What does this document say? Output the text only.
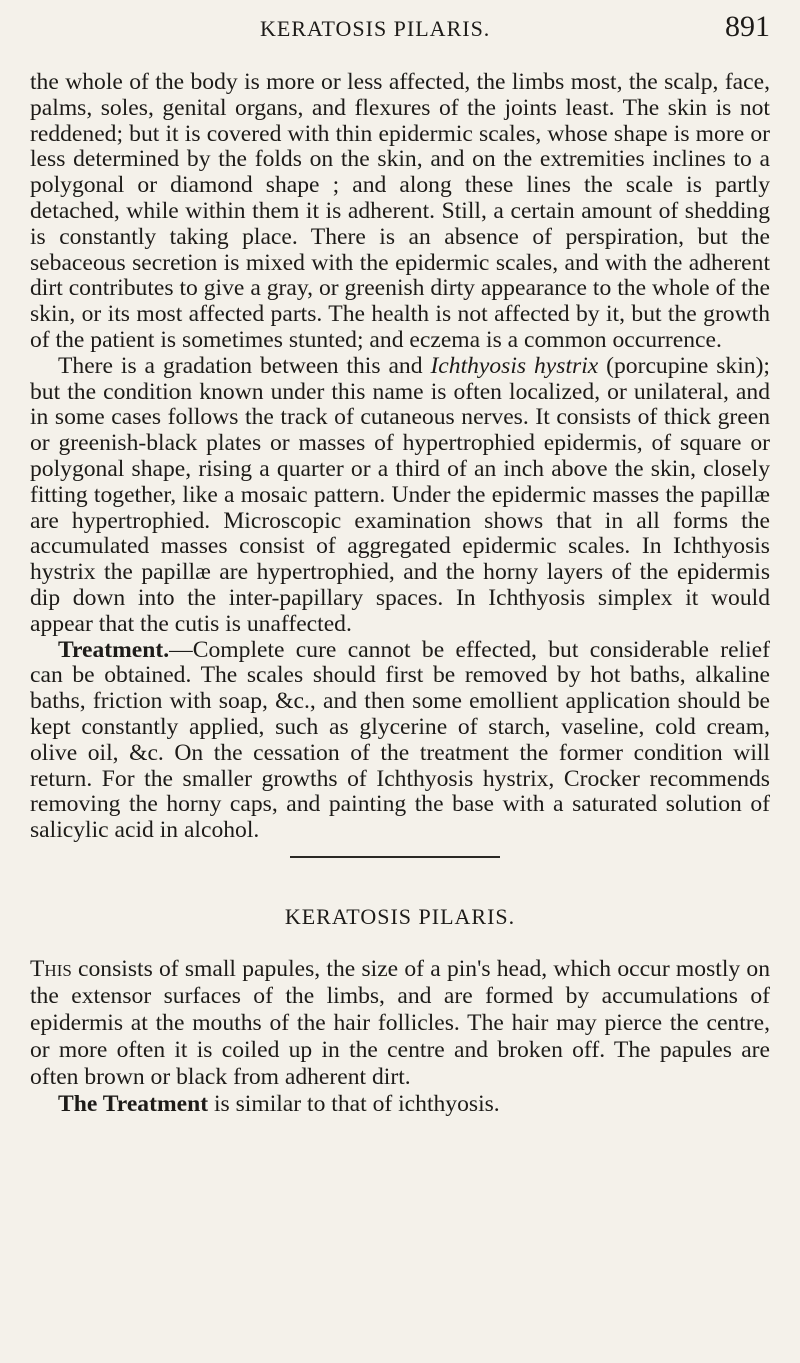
KERATOSIS PILARIS.	891

the whole of the body is more or less affected, the limbs most, the scalp, face, palms, soles, genital organs, and flexures of the joints least. The skin is not reddened; but it is covered with thin epidermic scales, whose shape is more or less determined by the folds on the skin, and on the extremities inclines to a polygonal or diamond shape ; and along these lines the scale is partly detached, while within them it is adherent. Still, a certain amount of shedding is constantly taking place. There is an absence of perspiration, but the sebaceous secretion is mixed with the epidermic scales, and with the adherent dirt contributes to give a gray, or greenish dirty appearance to the whole of the skin, or its most affected parts. The health is not affected by it, but the growth of the patient is sometimes stunted; and eczema is a common occurrence.

There is a gradation between this and Ichthyosis hystrix (porcupine skin); but the condition known under this name is often localized, or unilateral, and in some cases follows the track of cutaneous nerves. It consists of thick green or greenish-black plates or masses of hypertrophied epidermis, of square or polygonal shape, rising a quarter or a third of an inch above the skin, closely fitting together, like a mosaic pattern. Under the epidermic masses the papillæ are hypertrophied. Microscopic examination shows that in all forms the accumulated masses consist of aggregated epidermic scales. In Ichthyosis hystrix the papillæ are hypertrophied, and the horny layers of the epidermis dip down into the inter-papillary spaces. In Ichthyosis simplex it would appear that the cutis is unaffected.

Treatment.—Complete cure cannot be effected, but considerable relief can be obtained. The scales should first be removed by hot baths, alkaline baths, friction with soap, &c., and then some emollient application should be kept constantly applied, such as glycerine of starch, vaseline, cold cream, olive oil, &c. On the cessation of the treatment the former condition will return. For the smaller growths of Ichthyosis hystrix, Crocker recommends removing the horny caps, and painting the base with a saturated solution of salicylic acid in alcohol.

KERATOSIS PILARIS.

This consists of small papules, the size of a pin's head, which occur mostly on the extensor surfaces of the limbs, and are formed by accumulations of epidermis at the mouths of the hair follicles. The hair may pierce the centre, or more often it is coiled up in the centre and broken off. The papules are often brown or black from adherent dirt.

The Treatment is similar to that of ichthyosis.
